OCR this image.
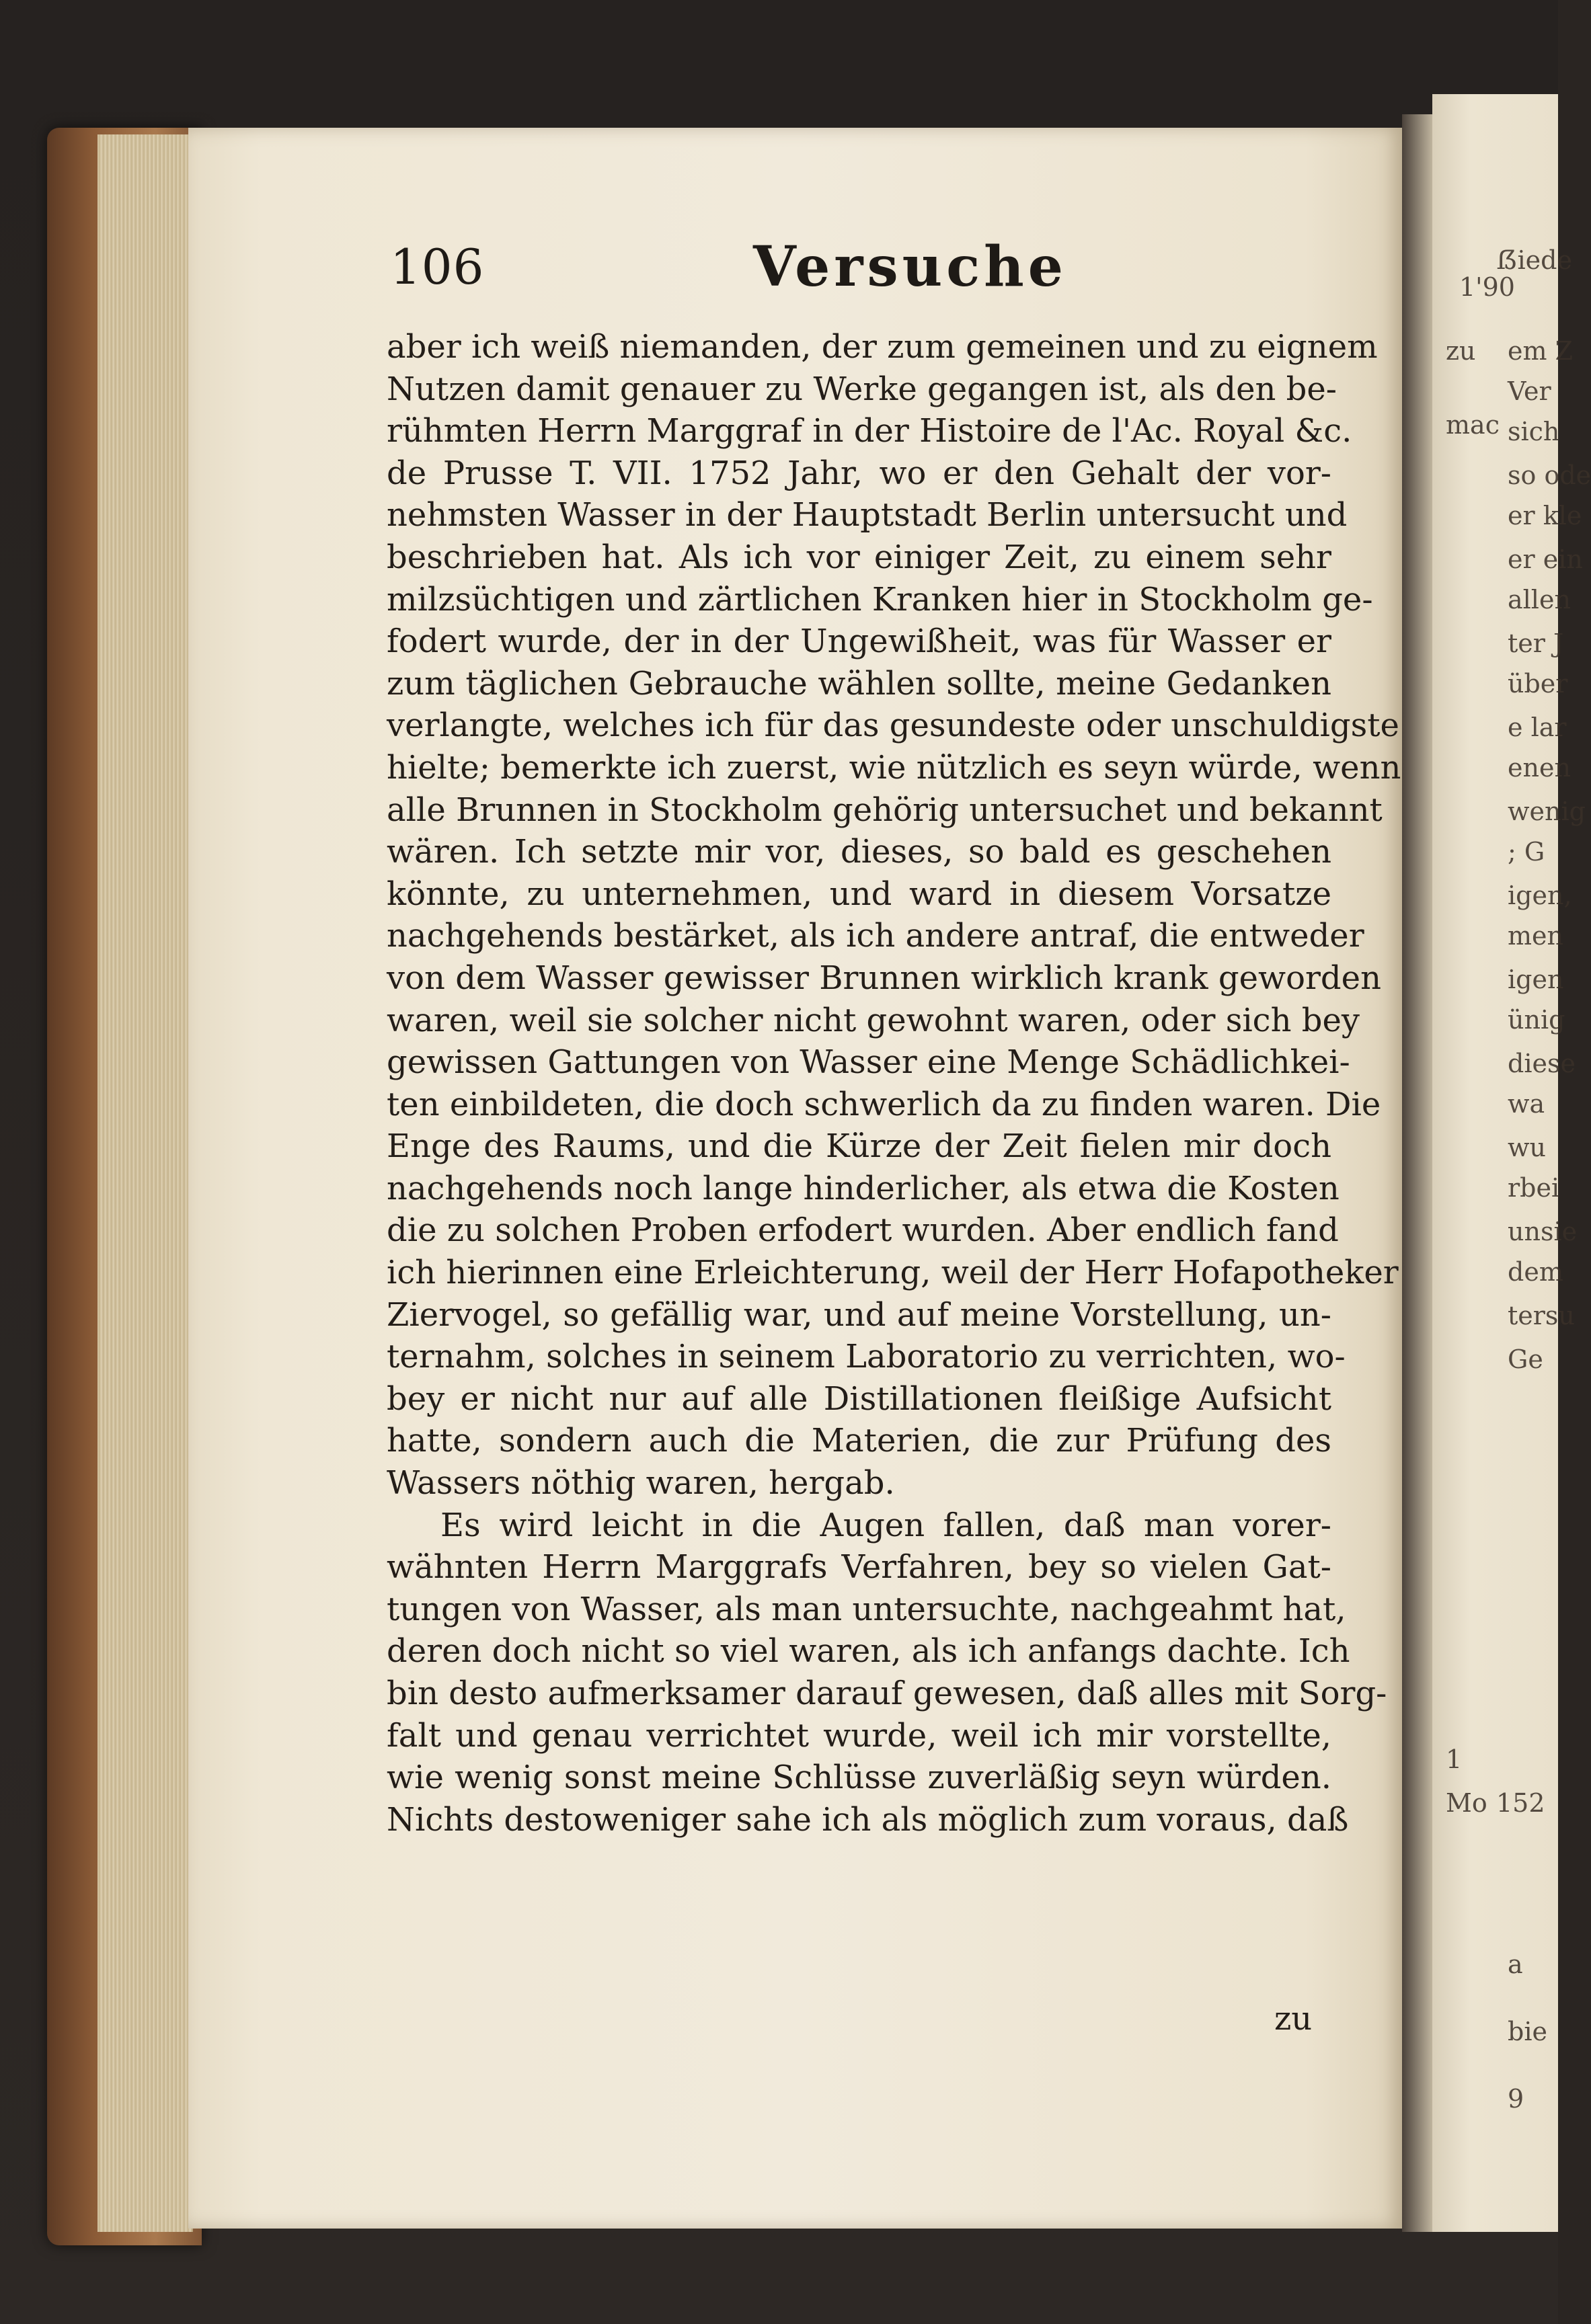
1'90
ẞiede
zu em Z
Ver
mac sich
so ode
er kle
er ein
allen
ter J
über
e lar
enen
wenig
; G
igen,
men
igen
ünig
diese
wa
wu
rbei
unsie
dem
tersu
Ge
1
Mo 152
a
bie
9
106	Versuche
aber ich weiß niemanden, der zum gemeinen und zu eignem
Nutzen damit genauer zu Werke gegangen ist, als den be-
rühmten Herrn Marggraf in der Histoire de l'Ac. Royal &c.
de Prusse T. VII. 1752 Jahr, wo er den Gehalt der vor-
nehmsten Wasser in der Hauptstadt Berlin untersucht und
beschrieben hat. Als ich vor einiger Zeit, zu einem sehr
milzsüchtigen und zärtlichen Kranken hier in Stockholm ge-
fodert wurde, der in der Ungewißheit, was für Wasser er
zum täglichen Gebrauche wählen sollte, meine Gedanken
verlangte, welches ich für das gesundeste oder unschuldigste
hielte; bemerkte ich zuerst, wie nützlich es seyn würde, wenn
alle Brunnen in Stockholm gehörig untersuchet und bekannt
wären. Ich setzte mir vor, dieses, so bald es geschehen
könnte, zu unternehmen, und ward in diesem Vorsatze
nachgehends bestärket, als ich andere antraf, die entweder
von dem Wasser gewisser Brunnen wirklich krank geworden
waren, weil sie solcher nicht gewohnt waren, oder sich bey
gewissen Gattungen von Wasser eine Menge Schädlichkei-
ten einbildeten, die doch schwerlich da zu finden waren. Die
Enge des Raums, und die Kürze der Zeit fielen mir doch
nachgehends noch lange hinderlicher, als etwa die Kosten
die zu solchen Proben erfodert wurden. Aber endlich fand
ich hierinnen eine Erleichterung, weil der Herr Hofapotheker
Ziervogel, so gefällig war, und auf meine Vorstellung, un-
ternahm, solches in seinem Laboratorio zu verrichten, wo-
bey er nicht nur auf alle Distillationen fleißige Aufsicht
hatte, sondern auch die Materien, die zur Prüfung des
Wassers nöthig waren, hergab.
Es wird leicht in die Augen fallen, daß man vorer-
wähnten Herrn Marggrafs Verfahren, bey so vielen Gat-
tungen von Wasser, als man untersuchte, nachgeahmt hat,
deren doch nicht so viel waren, als ich anfangs dachte. Ich
bin desto aufmerksamer darauf gewesen, daß alles mit Sorg-
falt und genau verrichtet wurde, weil ich mir vorstellte,
wie wenig sonst meine Schlüsse zuverläßig seyn würden.
Nichts destoweniger sahe ich als möglich zum voraus, daß
zu
